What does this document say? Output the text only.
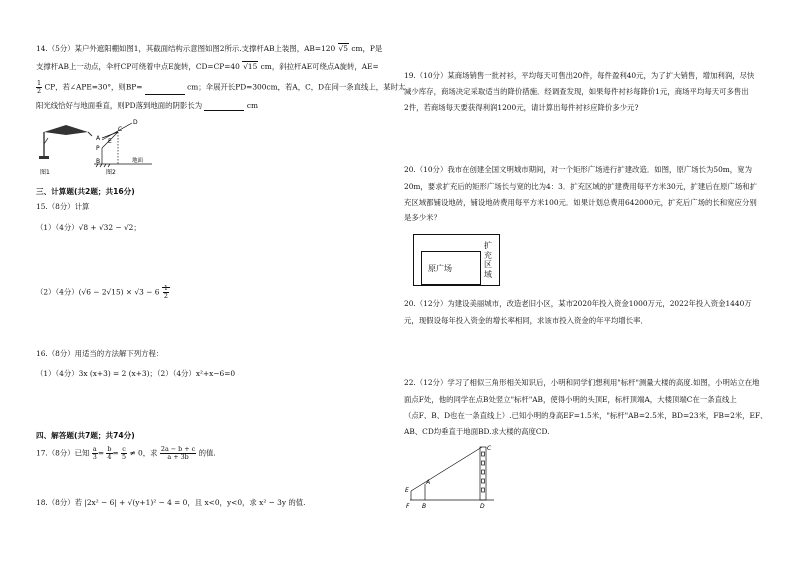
14.（5分）某户外遮阳棚如图1，其截面结构示意图如图2所示.支撑杆AB上装图，AB=120 √5 cm，P是
支撑杆AB上一动点，伞杆CP可绕着中点E旋转，CD=CP=40 √15 cm，斜拉杆AE可绕点A旋转，AE=
$\frac{1}{2}$ CP，若∠APE=30°，则BP=	cm；伞展开长PD=300cm，若A，C，D在同一条直线上，某时太
阳光线恰好与地面垂直，则PD落到地面的阴影长为	cm
D
C
A E
P
B	地面
图1	图2
三、计算题(共2题；共16分)
15.（8分）计算
（1）（4分）√8 + √32 − √2；
（2）（4分）$(√6 - 2√15) \times √3 - 6 \frac{1}{2}$
16.（8分）用适当的方法解下列方程：
（1）（4分）3x (x+3) = 2 (x+3)；（2）（4分）x²+x−6=0
四、解答题(共7题；共74分)
17.（8分）已知 $\frac{a}{3} = \frac{b}{4} = \frac{c}{5} \ne 0$，求 $\frac{2a - b + c}{a + 3b}$ 的值.
18.（8分）若 |2x² − 6| + √(y+1)² − 4 = 0，且 x<0，y<0，求 x² − 3y 的值.
19.（10分）某商场销售一批衬衫，平均每天可售出20件，每件盈利40元，为了扩大销售，增加利润，尽快
减少库存，商场决定采取适当的降价措施．经调查发现，如果每件衬衫每降价1元，商场平均每天可多售出
2件，若商场每天要获得利润1200元，请计算出每件衬衫应降价多少元?
20.（10分）我市在创建全国文明城市期间，对一个矩形广场进行扩建改造．如图，原广场长为50m，宽为
20m，要求扩充后的矩形广场长与宽的比为4：3．扩充区域的扩建费用每平方米30元，扩建后在原广场和扩
充区域都铺设地砖，铺设地砖费用每平方米100元．如果计划总费用642000元，扩充后广场的长和宽应分别
是多少米？
原广场
扩
充
区
域
20.（12分）为建设美丽城市，改造老旧小区，某市2020年投入资金1000万元，2022年投入资金1440万
元，现假设每年投入资金的增长率相同，求该市投入资金的年平均增长率．
22.（12分）学习了相似三角形相关知识后，小明和同学们想利用"标杆"测量大楼的高度.如图，小明站立在地
面点F处，他的同学在点B处竖立"标杆"AB，使得小明的头顶E，标杆顶端A，大楼顶端C在一条直线上
（点F、B、D也在一条直线上）.已知小明的身高EF=1.5米，"标杆"AB=2.5米，BD=23米，FB=2米，EF、
AB、CD均垂直于地面BD.求大楼的高度CD.
C
A
E
F B	D
